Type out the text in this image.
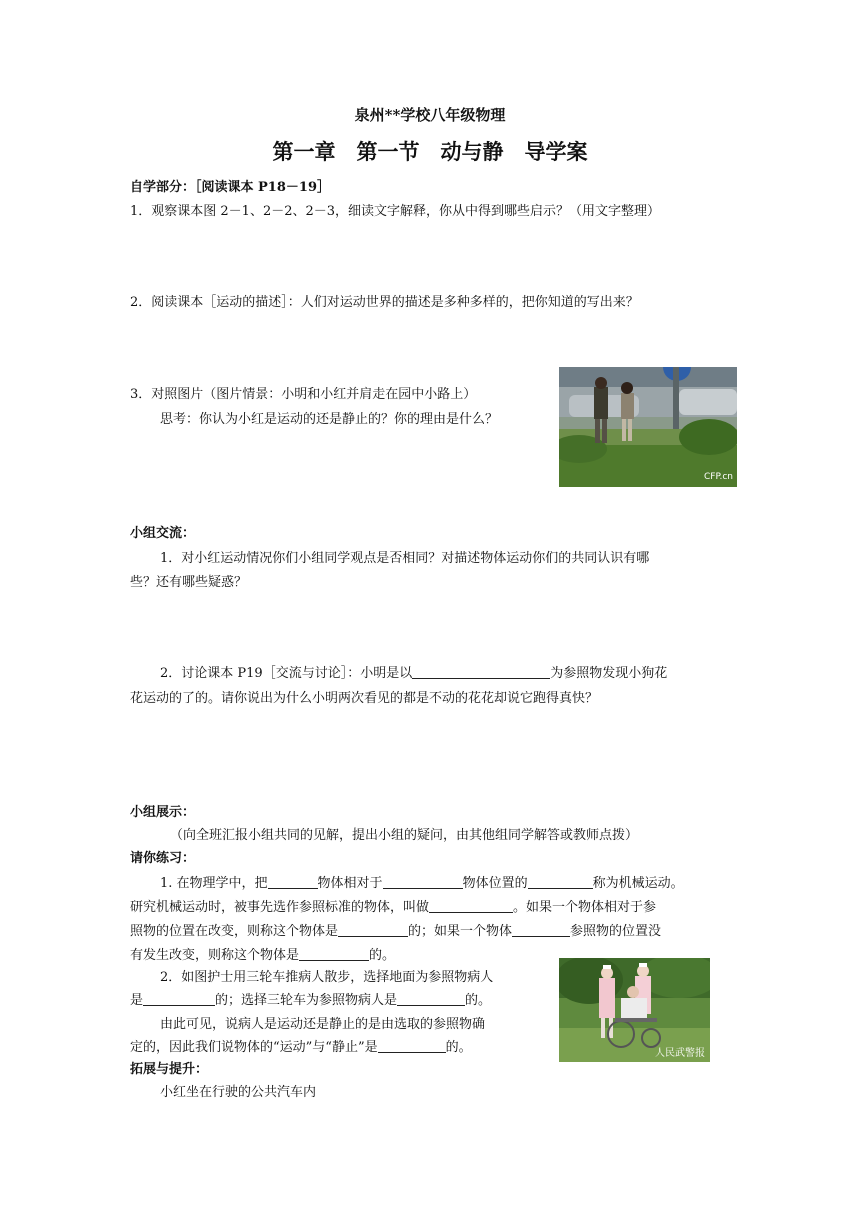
泉州**学校八年级物理
第一章　第一节　动与静　导学案
自学部分：［阅读课本 P18－19］
1．观察课本图 2－1、2－2、2－3，细读文字解释，你从中得到哪些启示？（用文字整理）
2．阅读课本［运动的描述］：人们对运动世界的描述是多种多样的，把你知道的写出来？
3．对照图片（图片情景：小明和小红并肩走在园中小路上）
思考：你认为小红是运动的还是静止的？你的理由是什么？
CFP.cn
小组交流：
1．对小红运动情况你们小组同学观点是否相同？对描述物体运动你们的共同认识有哪
些？还有哪些疑惑？
2．讨论课本 P19［交流与讨论］：小明是以	为参照物发现小狗花
花运动的了的。请你说出为什么小明两次看见的都是不动的花花却说它跑得真快？
小组展示：
（向全班汇报小组共同的见解，提出小组的疑问，由其他组同学解答或教师点拨）
请你练习：
1. 在物理学中，把	物体相对于	物体位置的	称为机械运动。
研究机械运动时，被事先选作参照标准的物体，叫做	。如果一个物体相对于参
照物的位置在改变，则称这个物体是	的；如果一个物体	参照物的位置没
有发生改变，则称这个物体是	的。
2．如图护士用三轮车推病人散步，选择地面为参照物病人
是	的；选择三轮车为参照物病人是	的。
由此可见，说病人是运动还是静止的是由选取的参照物确
定的，因此我们说物体的“运动”与“静止”是	的。	人民武警报
拓展与提升：
小红坐在行驶的公共汽车内
